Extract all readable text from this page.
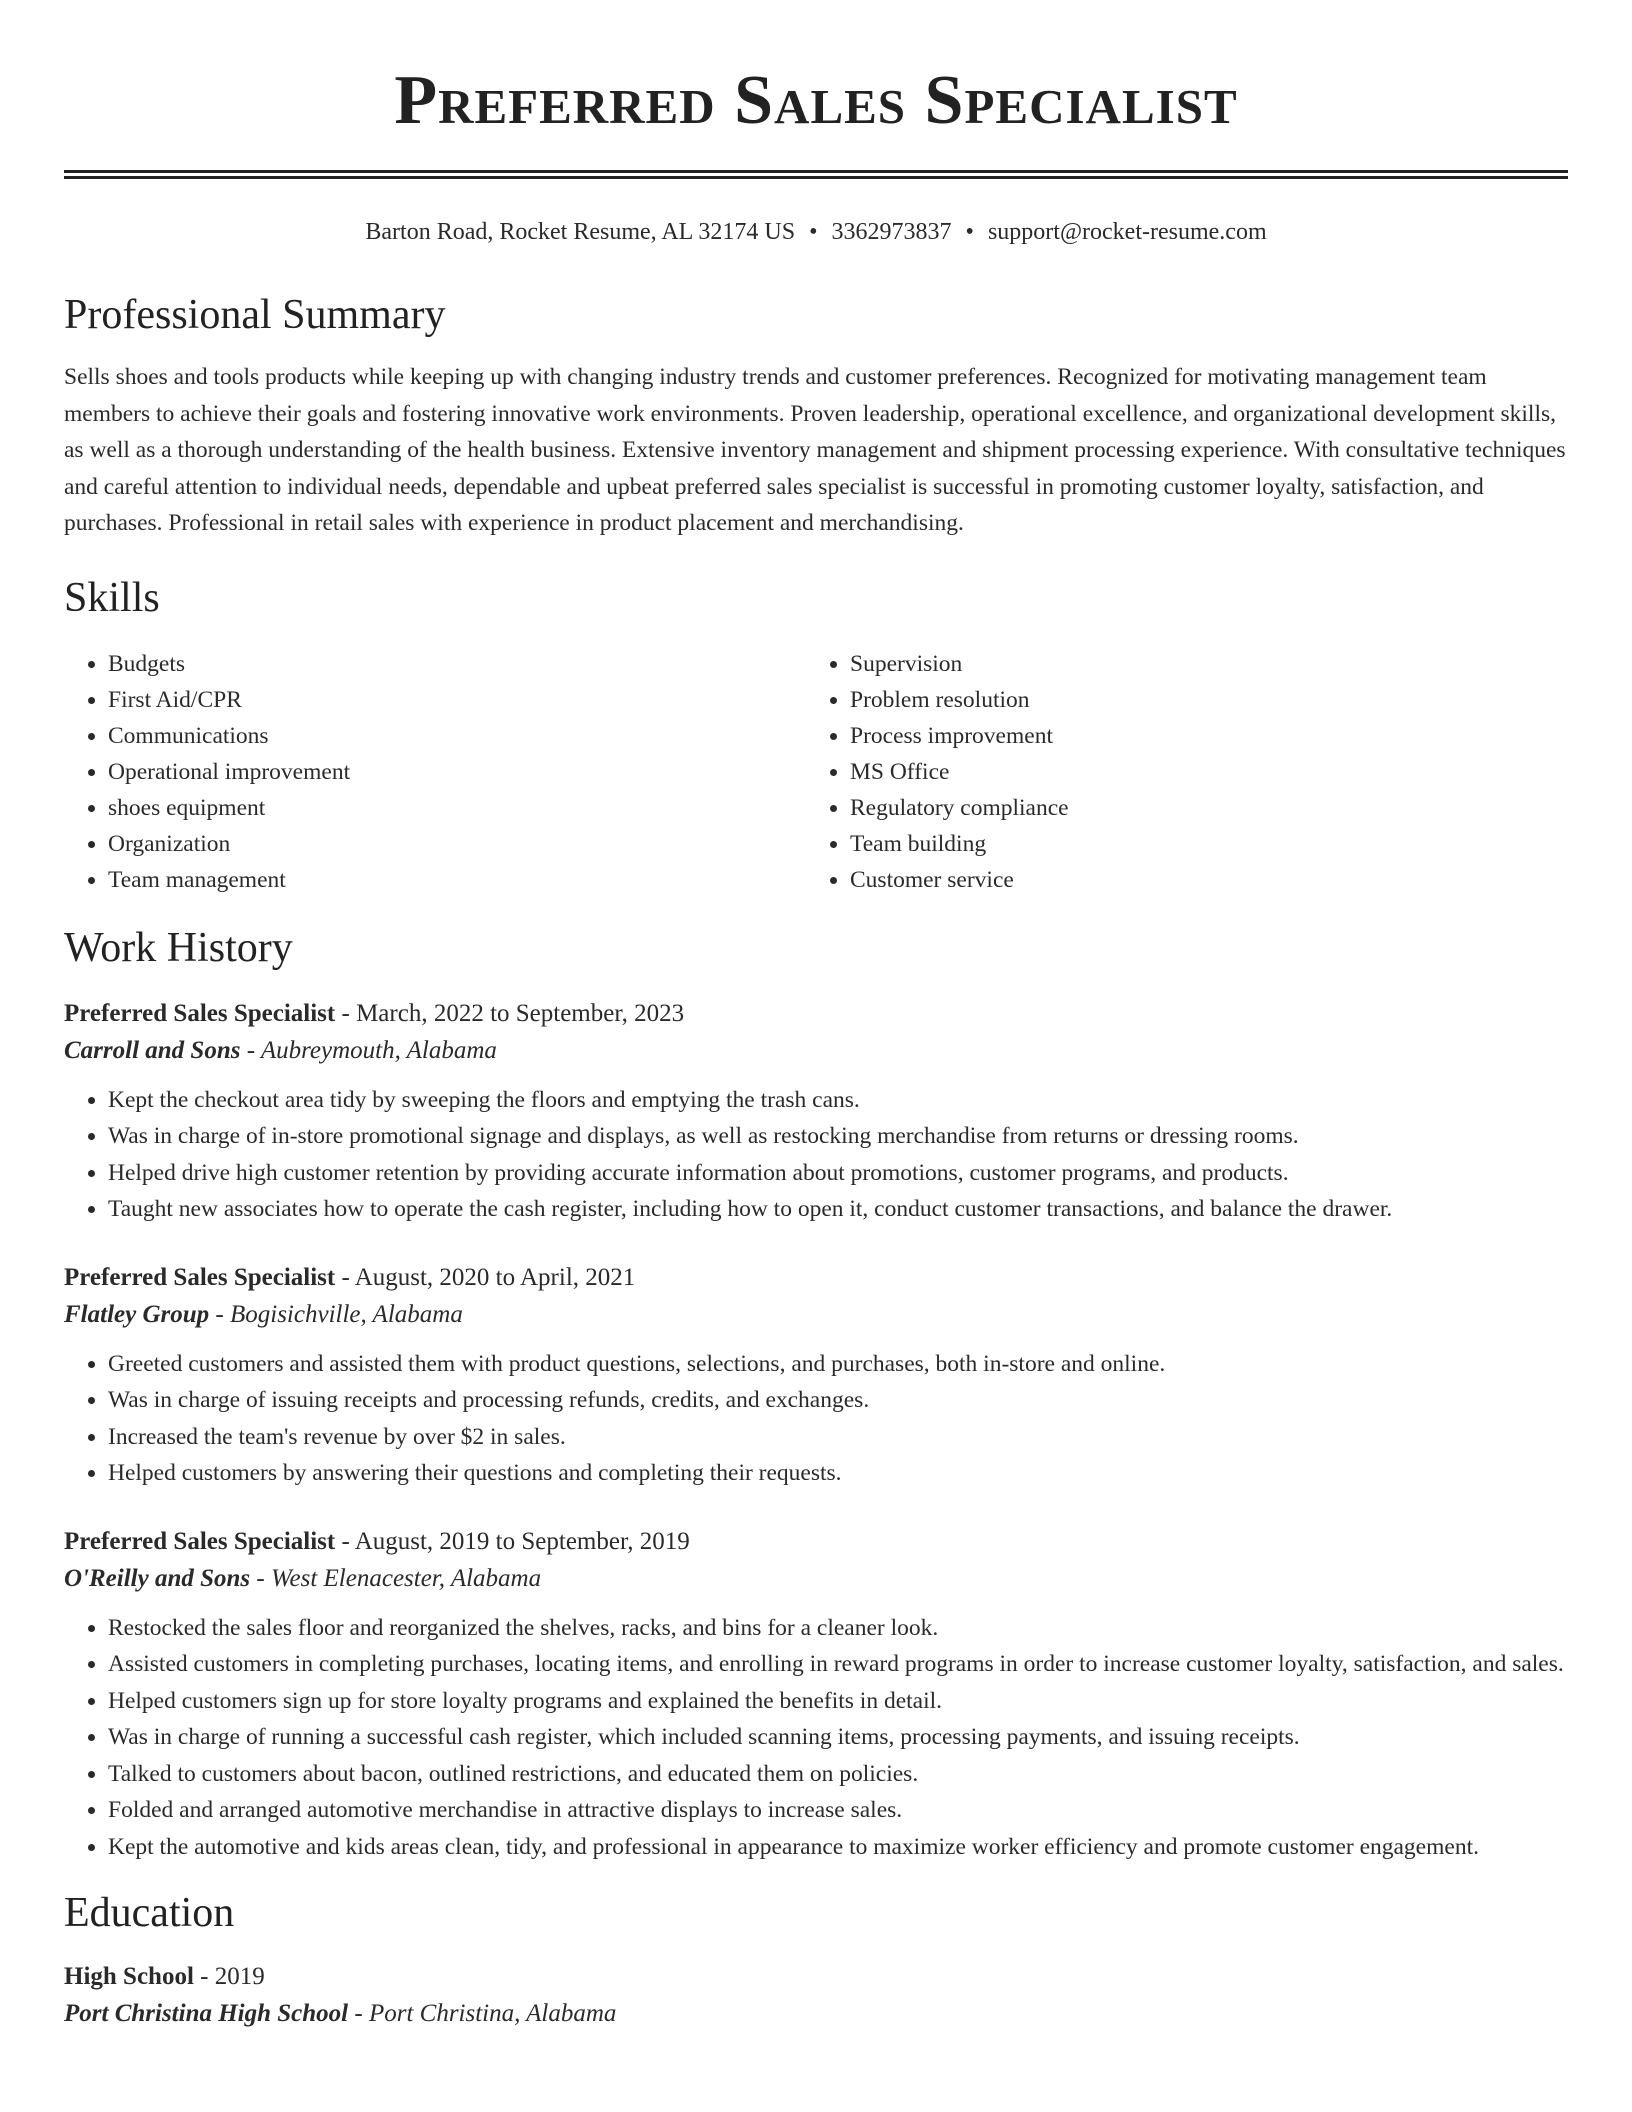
Preferred Sales Specialist
Barton Road, Rocket Resume, AL 32174 US • 3362973837 • support@rocket-resume.com
Professional Summary
Sells shoes and tools products while keeping up with changing industry trends and customer preferences. Recognized for motivating management team members to achieve their goals and fostering innovative work environments. Proven leadership, operational excellence, and organizational development skills, as well as a thorough understanding of the health business. Extensive inventory management and shipment processing experience. With consultative techniques and careful attention to individual needs, dependable and upbeat preferred sales specialist is successful in promoting customer loyalty, satisfaction, and purchases. Professional in retail sales with experience in product placement and merchandising.
Skills
• Budgets
• First Aid/CPR
• Communications
• Operational improvement
• shoes equipment
• Organization
• Team management
• Supervision
• Problem resolution
• Process improvement
• MS Office
• Regulatory compliance
• Team building
• Customer service
Work History
Preferred Sales Specialist - March, 2022 to September, 2023
Carroll and Sons - Aubreymouth, Alabama
• Kept the checkout area tidy by sweeping the floors and emptying the trash cans.
• Was in charge of in-store promotional signage and displays, as well as restocking merchandise from returns or dressing rooms.
• Helped drive high customer retention by providing accurate information about promotions, customer programs, and products.
• Taught new associates how to operate the cash register, including how to open it, conduct customer transactions, and balance the drawer.
Preferred Sales Specialist - August, 2020 to April, 2021
Flatley Group - Bogisichville, Alabama
• Greeted customers and assisted them with product questions, selections, and purchases, both in-store and online.
• Was in charge of issuing receipts and processing refunds, credits, and exchanges.
• Increased the team's revenue by over $2 in sales.
• Helped customers by answering their questions and completing their requests.
Preferred Sales Specialist - August, 2019 to September, 2019
O'Reilly and Sons - West Elenacester, Alabama
• Restocked the sales floor and reorganized the shelves, racks, and bins for a cleaner look.
• Assisted customers in completing purchases, locating items, and enrolling in reward programs in order to increase customer loyalty, satisfaction, and sales.
• Helped customers sign up for store loyalty programs and explained the benefits in detail.
• Was in charge of running a successful cash register, which included scanning items, processing payments, and issuing receipts.
• Talked to customers about bacon, outlined restrictions, and educated them on policies.
• Folded and arranged automotive merchandise in attractive displays to increase sales.
• Kept the automotive and kids areas clean, tidy, and professional in appearance to maximize worker efficiency and promote customer engagement.
Education
High School - 2019
Port Christina High School - Port Christina, Alabama
